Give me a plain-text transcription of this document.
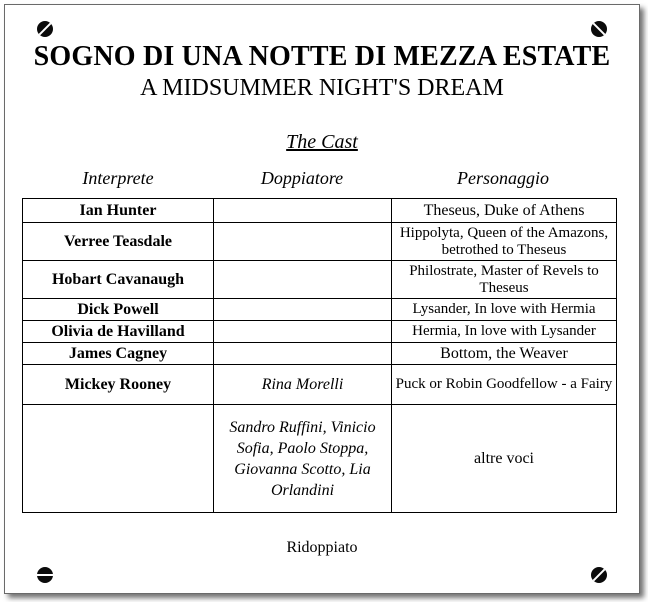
SOGNO DI UNA NOTTE DI MEZZA ESTATE
A MIDSUMMER NIGHT'S DREAM
The Cast
Interprete	Doppiatore	Personaggio
Ian Hunter		Theseus, Duke of Athens
Verree Teasdale		Hippolyta, Queen of the Amazons, betrothed to Theseus
Hobart Cavanaugh		Philostrate, Master of Revels to Theseus
Dick Powell		Lysander, In love with Hermia
Olivia de Havilland		Hermia, In love with Lysander
James Cagney		Bottom, the Weaver
Mickey Rooney	Rina Morelli	Puck or Robin Goodfellow - a Fairy
	Sandro Ruffini, Vinicio Sofia, Paolo Stoppa, Giovanna Scotto, Lia Orlandini	altre voci
Ridoppiato
